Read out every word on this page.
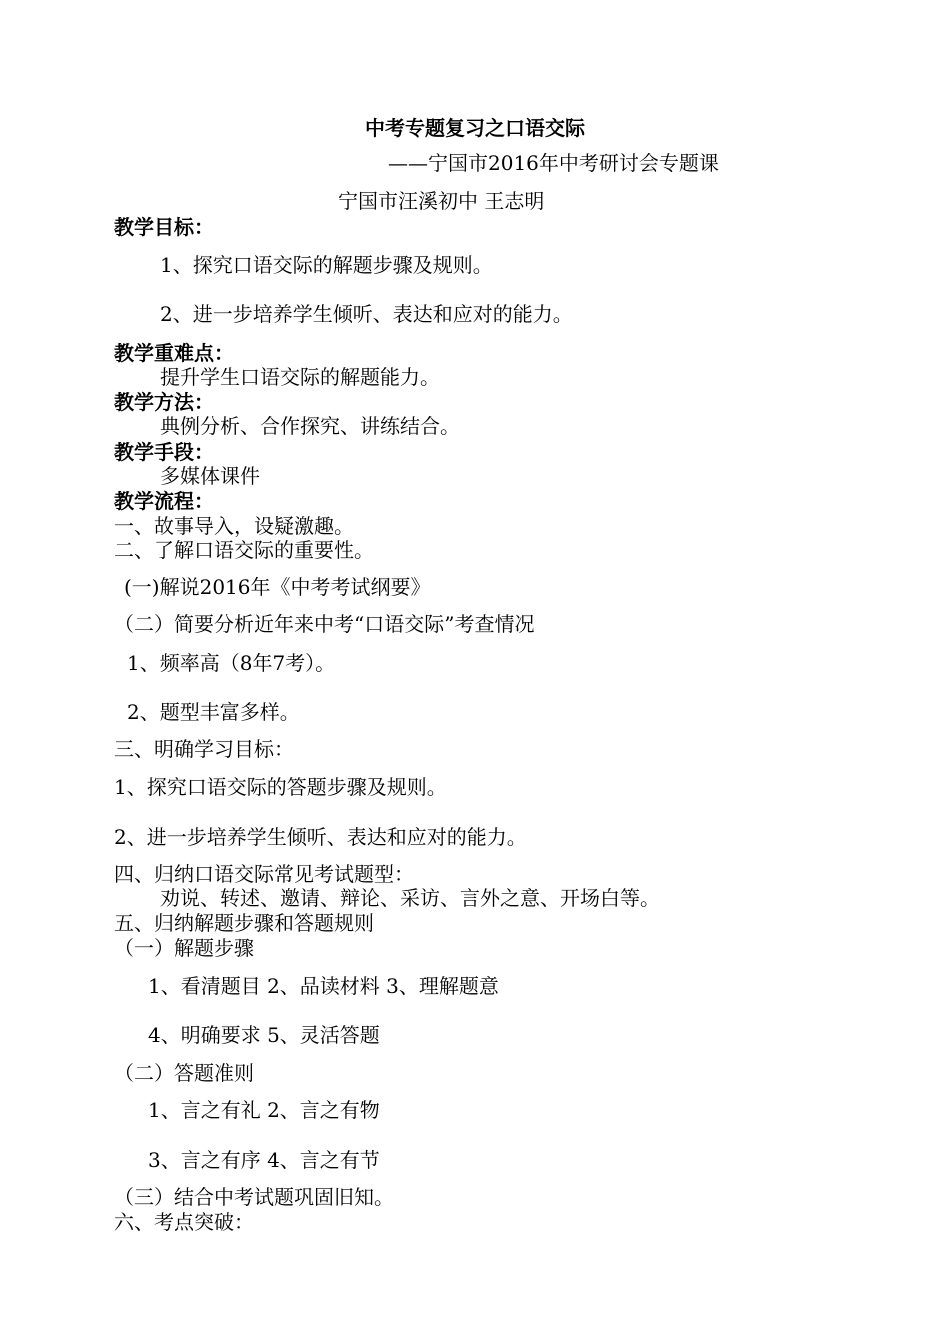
中考专题复习之口语交际
——宁国市2016年中考研讨会专题课
宁国市汪溪初中 王志明
教学目标：
1、探究口语交际的解题步骤及规则。
2、进一步培养学生倾听、表达和应对的能力。
教学重难点：
提升学生口语交际的解题能力。
教学方法：
典例分析、合作探究、讲练结合。
教学手段：
多媒体课件
教学流程：
一、故事导入，设疑激趣。
二、了解口语交际的重要性。
(一)解说2016年《中考考试纲要》
（二）简要分析近年来中考“口语交际”考查情况
1、频率高（8年7考）。
2、题型丰富多样。
三、明确学习目标：
1、探究口语交际的答题步骤及规则。
2、进一步培养学生倾听、表达和应对的能力。
四、归纳口语交际常见考试题型：
劝说、转述、邀请、辩论、采访、言外之意、开场白等。
五、归纳解题步骤和答题规则
（一）解题步骤
1、看清题目 2、品读材料 3、理解题意
4、明确要求 5、灵活答题
（二）答题准则
1、言之有礼 2、言之有物
3、言之有序 4、言之有节
（三）结合中考试题巩固旧知。
六、考点突破：
